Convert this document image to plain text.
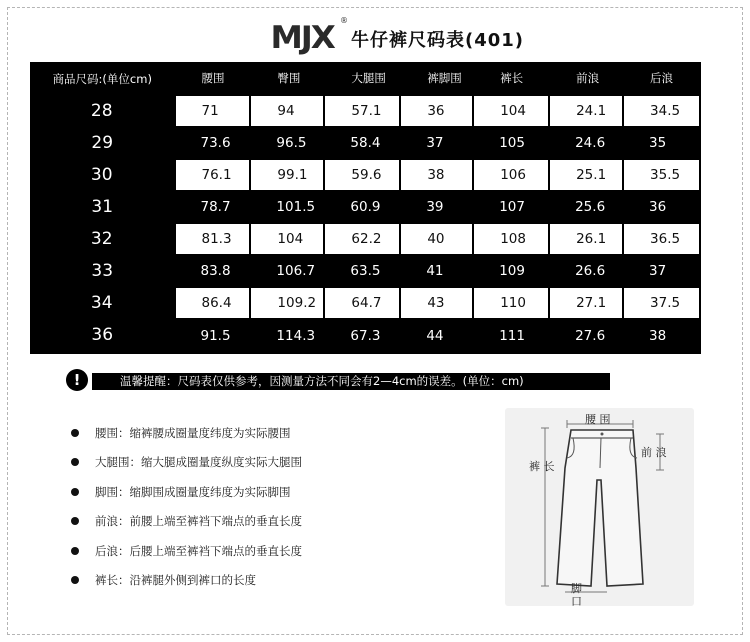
MJX ®
牛仔裤尺码表(401)
商品尺码:(单位cm)	腰围	臀围	大腿围	裤脚围	裤长	前浪	后浪
28	71	94	57.1	36	104	24.1	34.5
29	73.6	96.5	58.4	37	105	24.6	35
30	76.1	99.1	59.6	38	106	25.1	35.5
31	78.7	101.5	60.9	39	107	25.6	36
32	81.3	104	62.2	40	108	26.1	36.5
33	83.8	106.7	63.5	41	109	26.6	37
34	86.4	109.2	64.7	43	110	27.1	37.5
36	91.5	114.3	67.3	44	111	27.6	38
!	温馨提醒：尺码表仅供参考，因测量方法不同会有2—4cm的误差。(单位：cm)
腰围：缩裤腰成圈量度纬度为实际腰围
大腿围：缩大腿成圈量度纵度实际大腿围
脚围：缩脚围成圈量度纬度为实际脚围
前浪：前腰上端至裤裆下端点的垂直长度
后浪：后腰上端至裤裆下端点的垂直长度
裤长：沿裤腿外侧到裤口的长度
腰 围
前 浪
裤 长
脚
口
